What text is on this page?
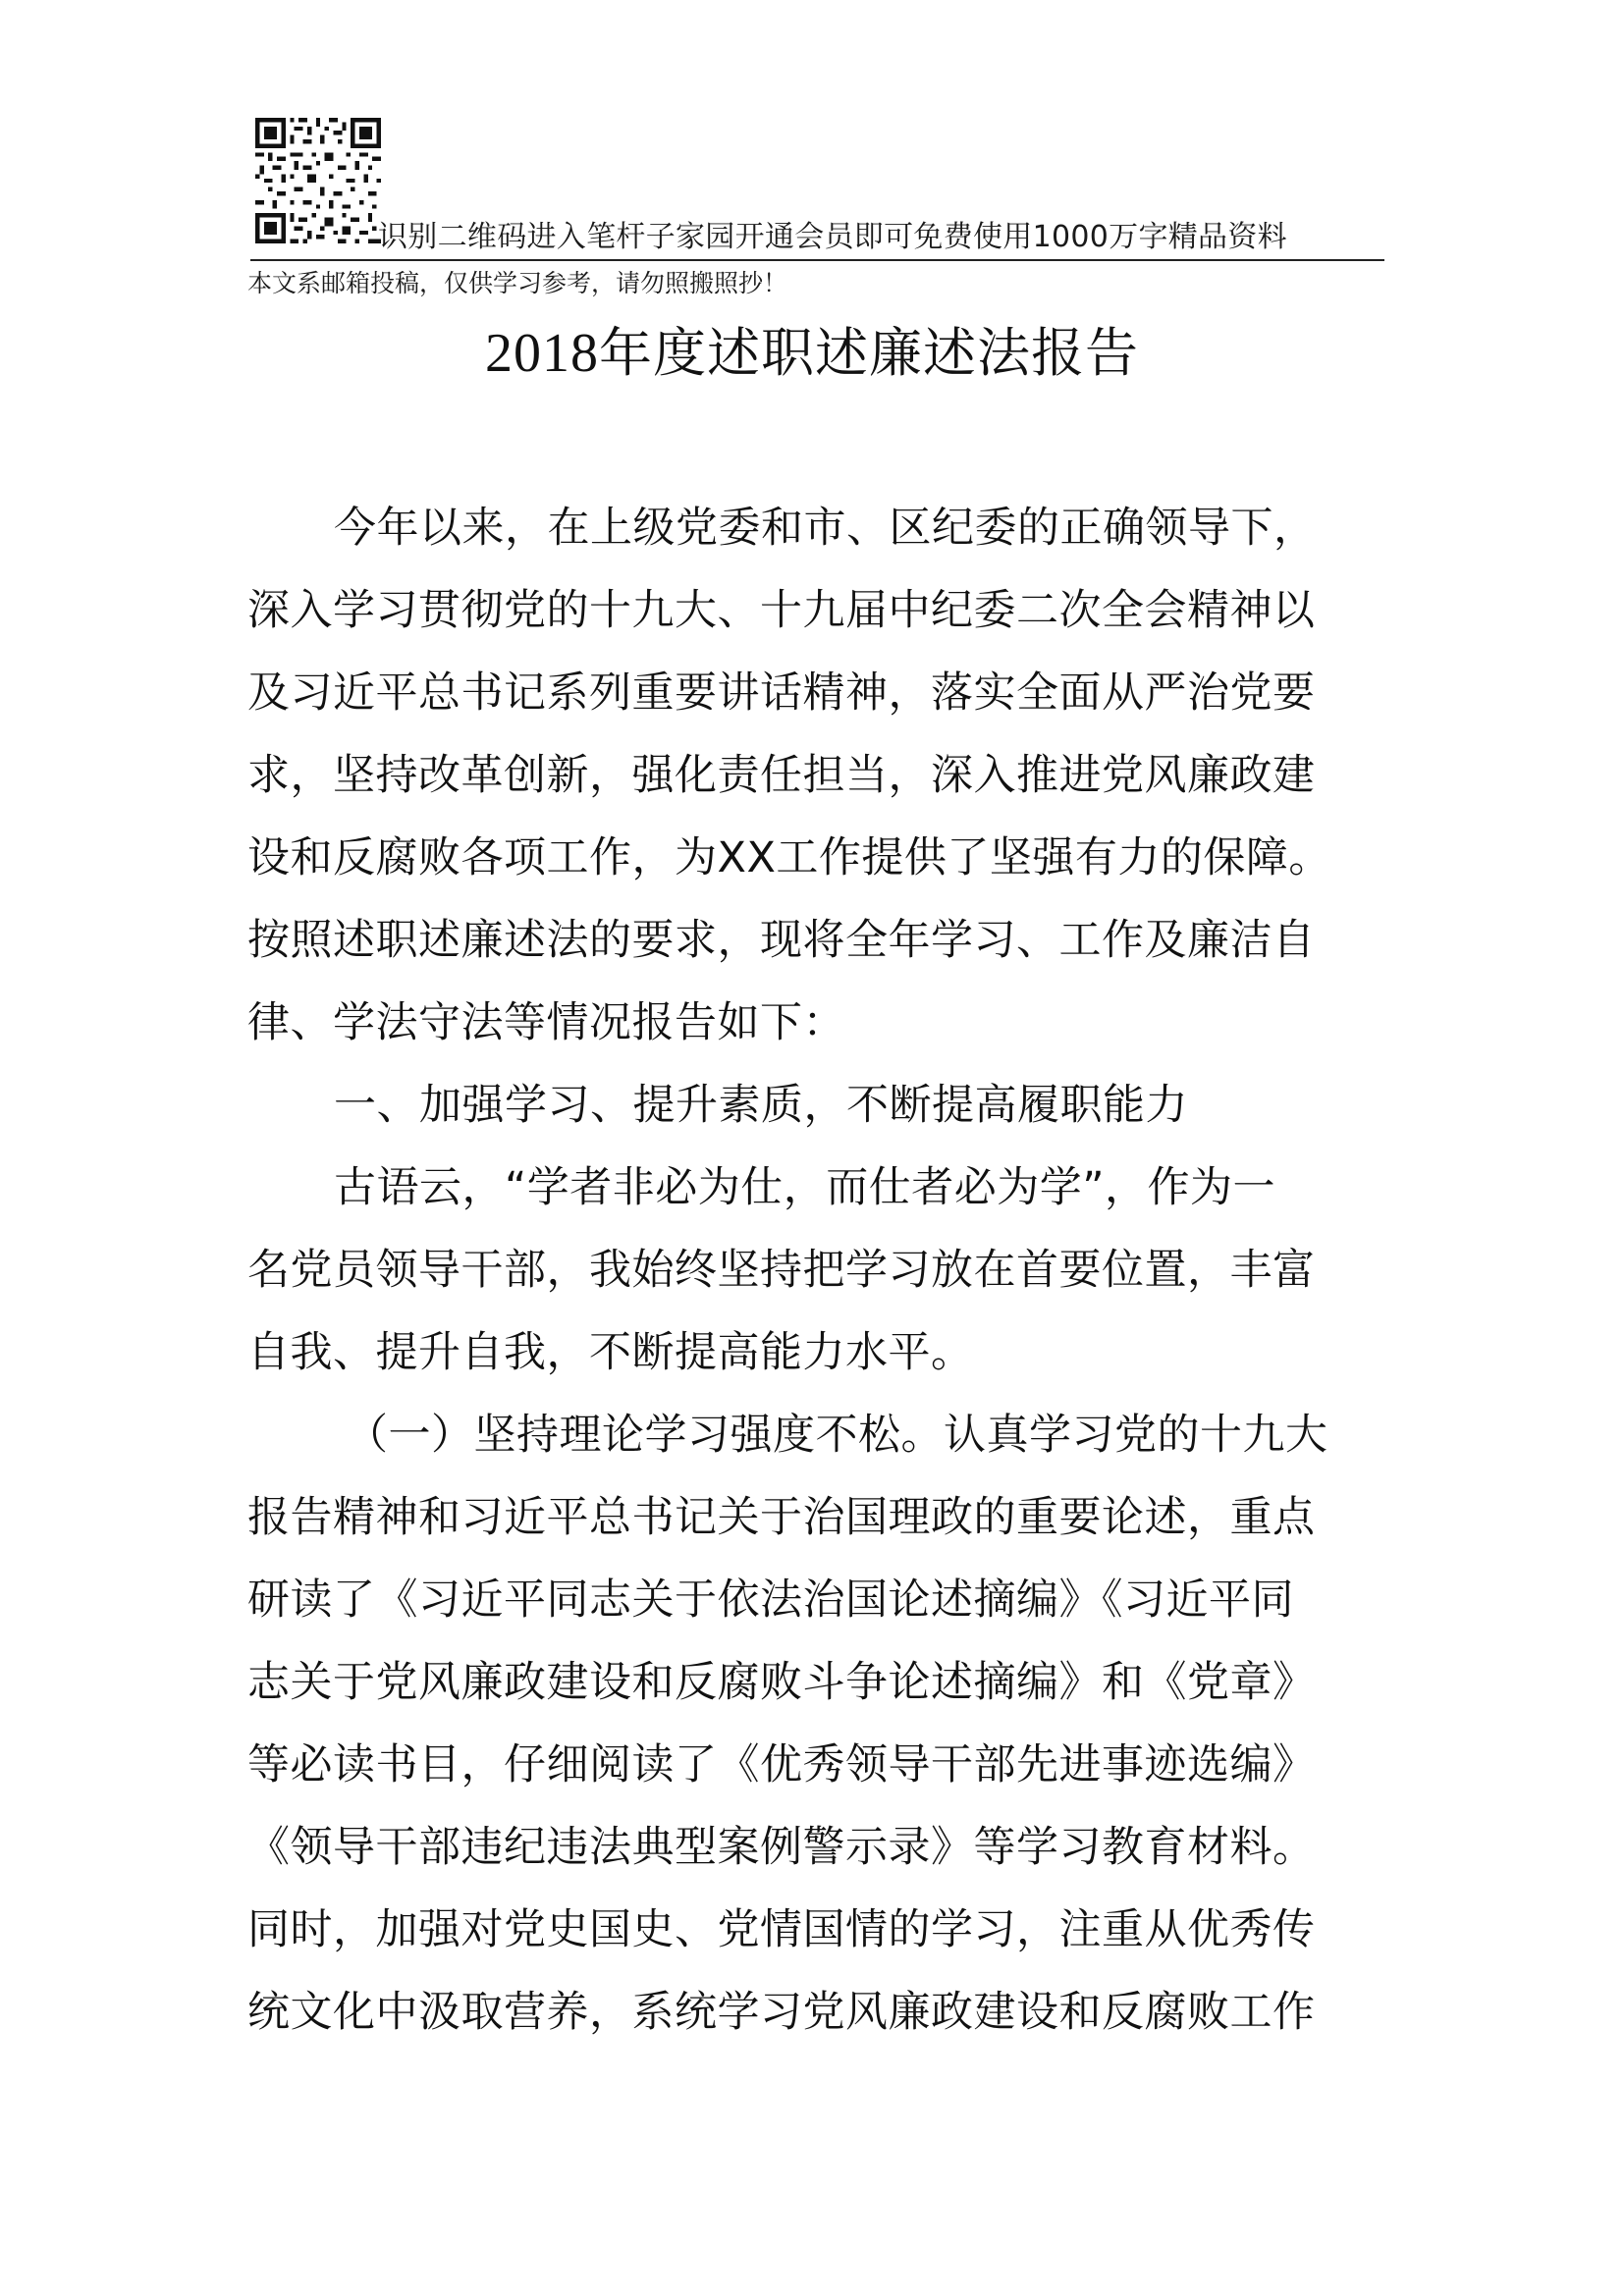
识别二维码进入笔杆子家园开通会员即可免费使用1000万字精品资料
本文系邮箱投稿，仅供学习参考，请勿照搬照抄！
2018年度述职述廉述法报告
今年以来，在上级党委和市、区纪委的正确领导下，
深入学习贯彻党的十九大、十九届中纪委二次全会精神以
及习近平总书记系列重要讲话精神，落实全面从严治党要
求，坚持改革创新，强化责任担当，深入推进党风廉政建
设和反腐败各项工作，为XX工作提供了坚强有力的保障。
按照述职述廉述法的要求，现将全年学习、工作及廉洁自
律、学法守法等情况报告如下：
一、加强学习、提升素质，不断提高履职能力
古语云，“学者非必为仕，而仕者必为学”，作为一
名党员领导干部，我始终坚持把学习放在首要位置，丰富
自我、提升自我，不断提高能力水平。
（一）坚持理论学习强度不松。认真学习党的十九大
报告精神和习近平总书记关于治国理政的重要论述，重点
研读了《习近平同志关于依法治国论述摘编》《习近平同
志关于党风廉政建设和反腐败斗争论述摘编》和《党章》
等必读书目，仔细阅读了《优秀领导干部先进事迹选编》
《领导干部违纪违法典型案例警示录》等学习教育材料。
同时，加强对党史国史、党情国情的学习，注重从优秀传
统文化中汲取营养，系统学习党风廉政建设和反腐败工作
